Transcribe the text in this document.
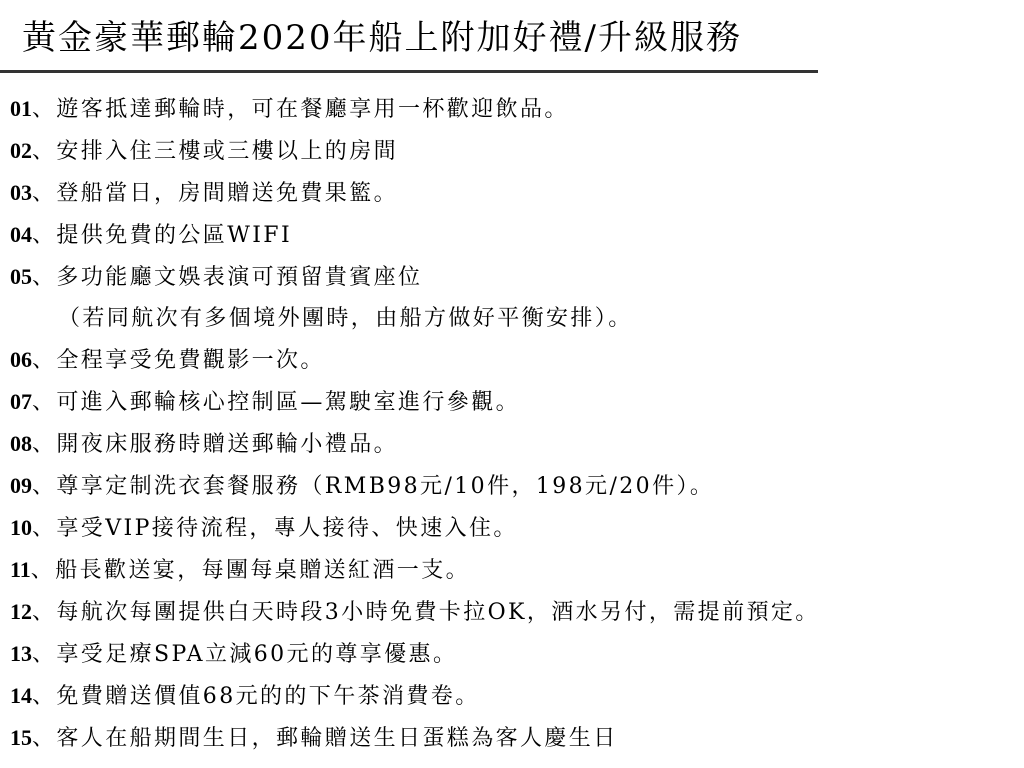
黃金豪華郵輪2020年船上附加好禮/升級服務
01、遊客抵達郵輪時，可在餐廳享用一杯歡迎飲品。
02、安排入住三樓或三樓以上的房間
03、登船當日，房間贈送免費果籃。
04、提供免費的公區WIFI
05、多功能廳文娛表演可預留貴賓座位
（若同航次有多個境外團時，由船方做好平衡安排）。
06、全程享受免費觀影一次。
07、可進入郵輪核心控制區—駕駛室進行參觀。
08、開夜床服務時贈送郵輪小禮品。
09、尊享定制洗衣套餐服務（RMB98元/10件，198元/20件）。
10、享受VIP接待流程，專人接待、快速入住。
11、船長歡送宴，每團每桌贈送紅酒一支。
12、每航次每團提供白天時段3小時免費卡拉OK，酒水另付，需提前預定。
13、享受足療SPA立減60元的尊享優惠。
14、免費贈送價值68元的的下午茶消費卷。
15、客人在船期間生日，郵輪贈送生日蛋糕為客人慶生日
